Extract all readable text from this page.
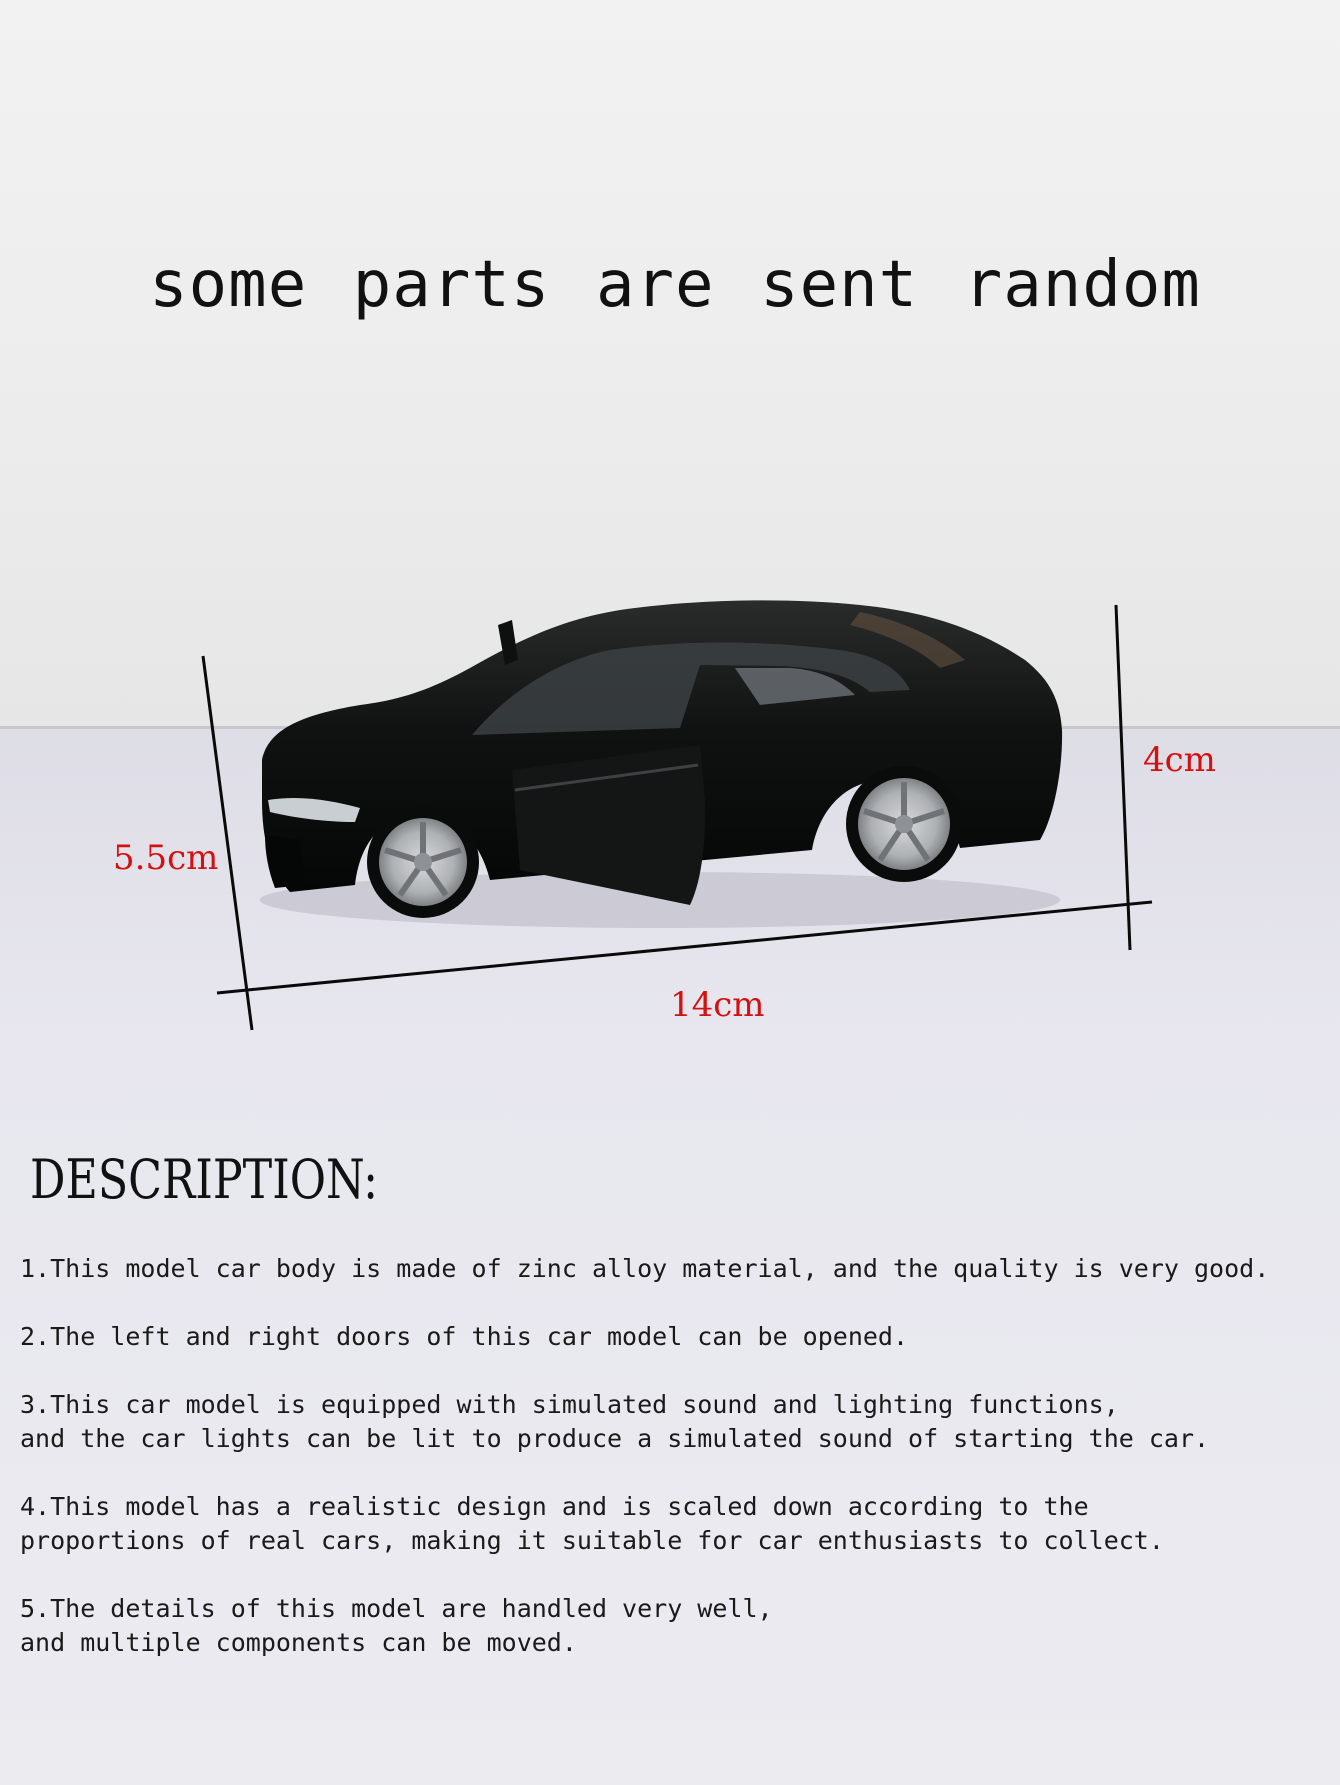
some parts are sent random
4cm
5.5cm
14cm
DESCRIPTION:
1.This model car body is made of zinc alloy material, and the quality is very good.
2.The left and right doors of this car model can be opened.
3.This car model is equipped with simulated sound and lighting functions,
and the car lights can be lit to produce a simulated sound of starting the car.
4.This model has a realistic design and is scaled down according to the
proportions of real cars, making it suitable for car enthusiasts to collect.
5.The details of this model are handled very well,
and multiple components can be moved.
